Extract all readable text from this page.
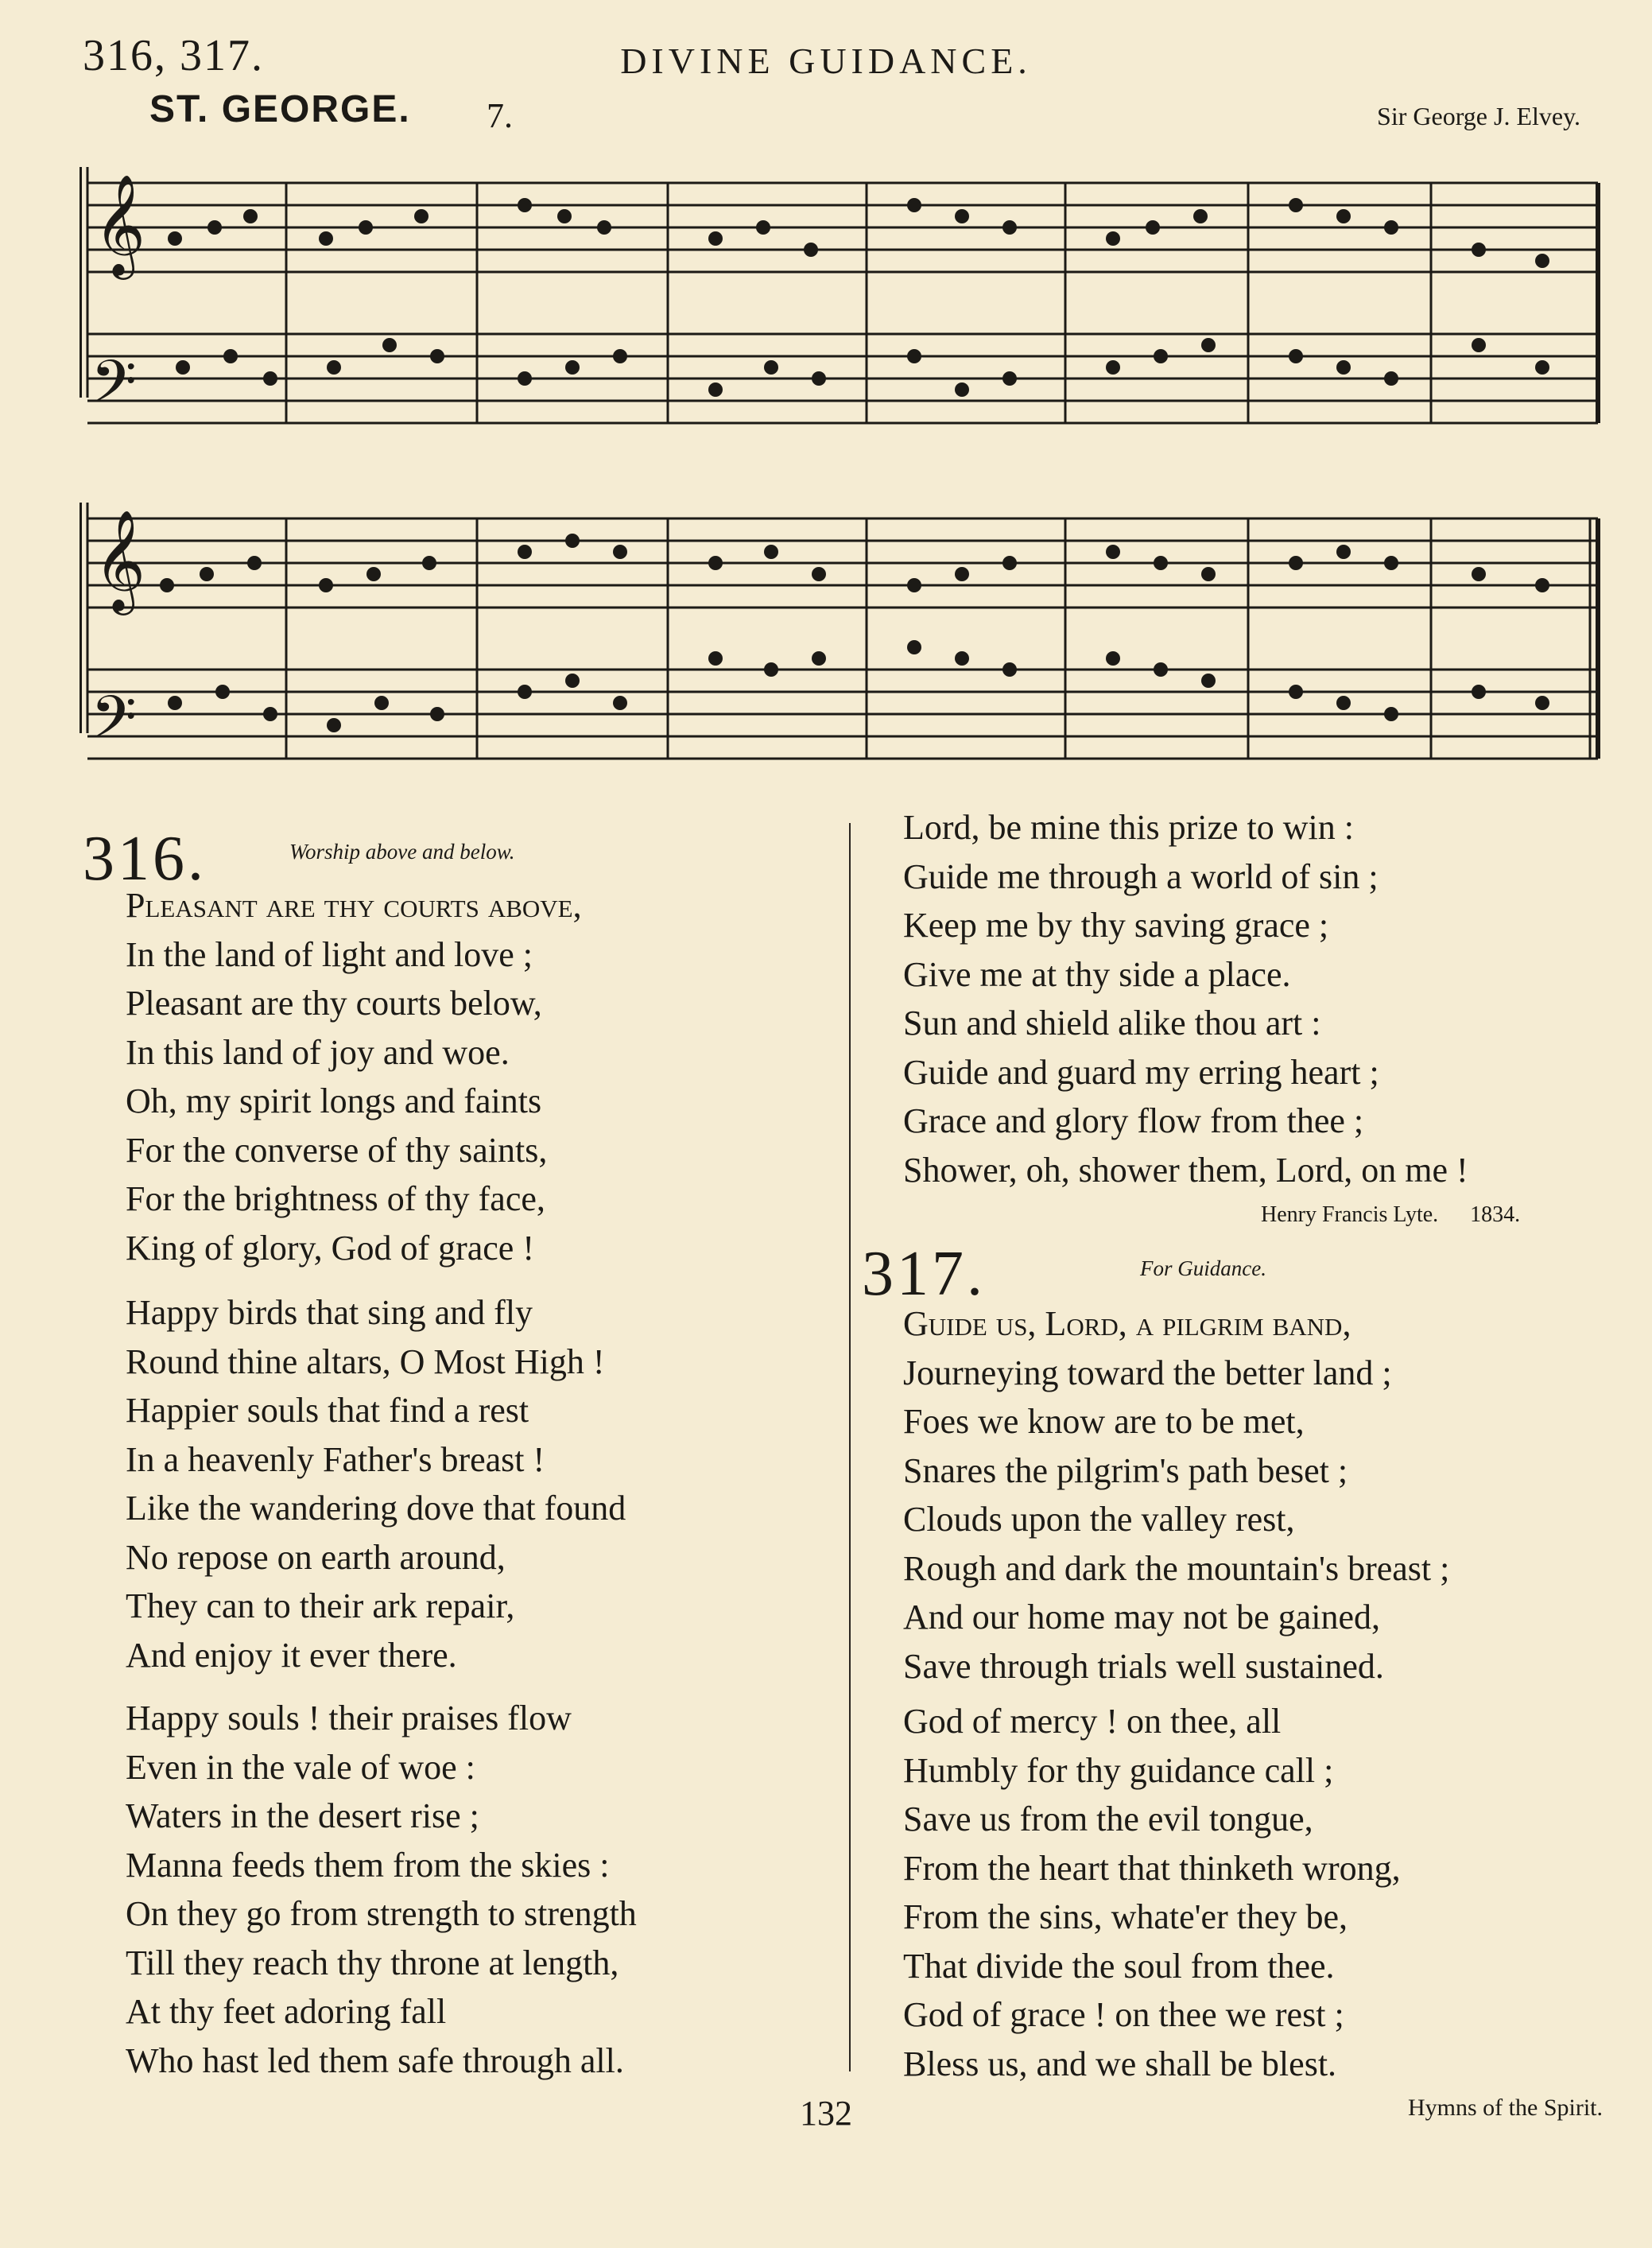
316, 317.	DIVINE GUIDANCE.
ST. GEORGE. 7.	Sir George J. Elvey.
𝄞
𝄢
𝄞
𝄢
316.	Worship above and below.
Pleasant are thy courts above,
In the land of light and love ;
Pleasant are thy courts below,
In this land of joy and woe.
Oh, my spirit longs and faints
For the converse of thy saints,
For the brightness of thy face,
King of glory, God of grace !
Happy birds that sing and fly
Round thine altars, O Most High !
Happier souls that find a rest
In a heavenly Father's breast !
Like the wandering dove that found
No repose on earth around,
They can to their ark repair,
And enjoy it ever there.
Happy souls ! their praises flow
Even in the vale of woe :
Waters in the desert rise ;
Manna feeds them from the skies :
On they go from strength to strength
Till they reach thy throne at length,
At thy feet adoring fall
Who hast led them safe through all.
Lord, be mine this prize to win :
Guide me through a world of sin ;
Keep me by thy saving grace ;
Give me at thy side a place.
Sun and shield alike thou art :
Guide and guard my erring heart ;
Grace and glory flow from thee ;
Shower, oh, shower them, Lord, on me !
Henry Francis Lyte. 1834.
317.	For Guidance.
Guide us, Lord, a pilgrim band,
Journeying toward the better land ;
Foes we know are to be met,
Snares the pilgrim's path beset ;
Clouds upon the valley rest,
Rough and dark the mountain's breast ;
And our home may not be gained,
Save through trials well sustained.
God of mercy ! on thee, all
Humbly for thy guidance call ;
Save us from the evil tongue,
From the heart that thinketh wrong,
From the sins, whate'er they be,
That divide the soul from thee.
God of grace ! on thee we rest ;
Bless us, and we shall be blest.
132	Hymns of the Spirit.
